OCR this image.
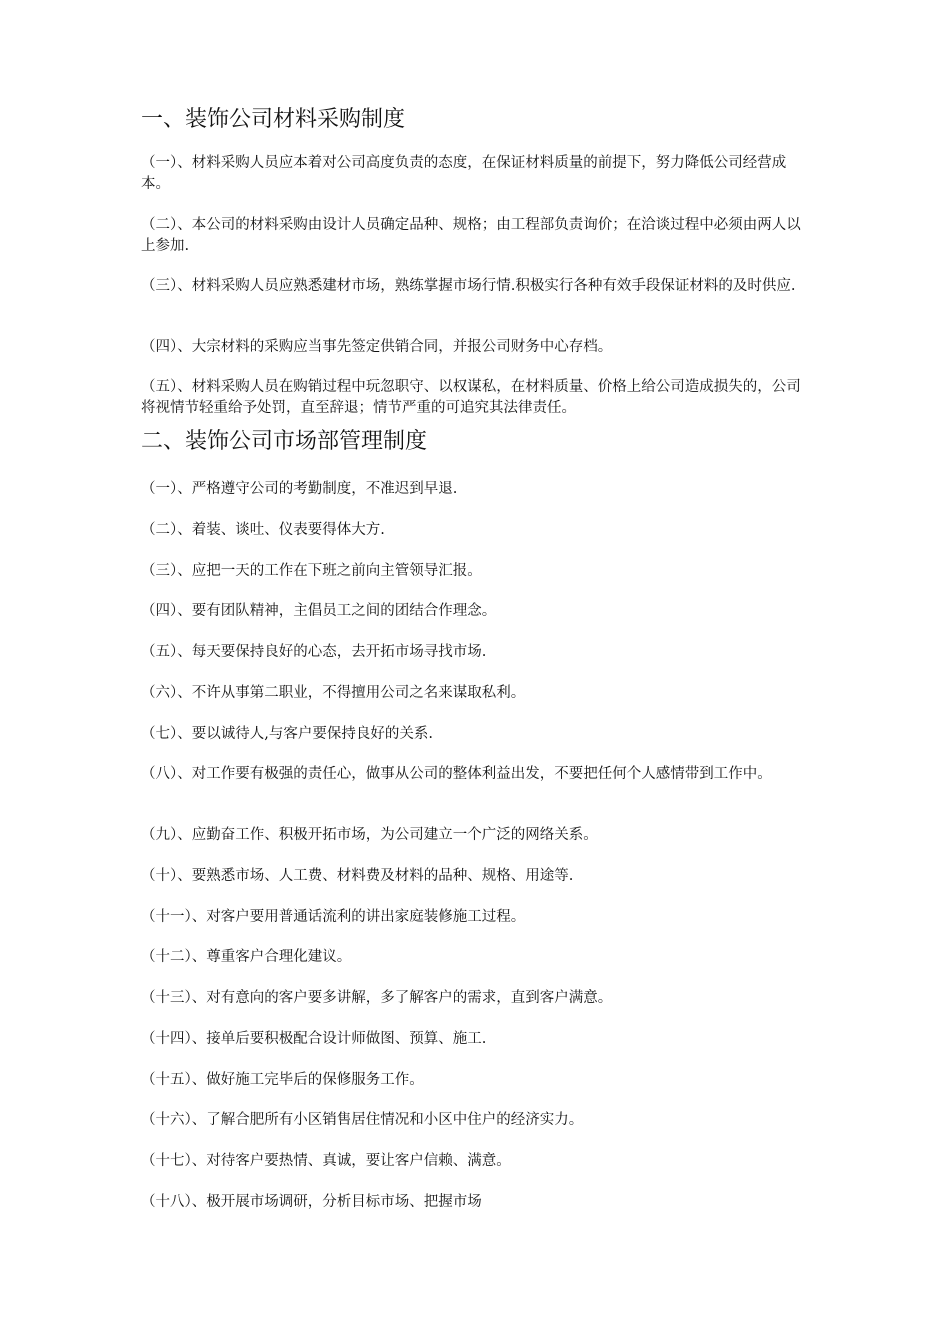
一、装饰公司材料采购制度

（一）、材料采购人员应本着对公司高度负责的态度，在保证材料质量的前提下，努力降低公司经营成本。

（二）、本公司的材料采购由设计人员确定品种、规格；由工程部负责询价；在洽谈过程中必须由两人以上参加.

（三）、材料采购人员应熟悉建材市场，熟练掌握市场行情.积极实行各种有效手段保证材料的及时供应.

（四）、大宗材料的采购应当事先签定供销合同，并报公司财务中心存档。

（五）、材料采购人员在购销过程中玩忽职守、以权谋私，在材料质量、价格上给公司造成损失的，公司将视情节轻重给予处罚，直至辞退；情节严重的可追究其法律责任。

二、装饰公司市场部管理制度

（一）、严格遵守公司的考勤制度，不准迟到早退.

（二）、着装、谈吐、仪表要得体大方.

（三）、应把一天的工作在下班之前向主管领导汇报。

（四）、要有团队精神，主倡员工之间的团结合作理念。

（五）、每天要保持良好的心态，去开拓市场寻找市场.

（六）、不许从事第二职业，不得擅用公司之名来谋取私利。

（七）、要以诚待人,与客户要保持良好的关系.

（八）、对工作要有极强的责任心，做事从公司的整体利益出发，不要把任何个人感情带到工作中。

（九）、应勤奋工作、积极开拓市场，为公司建立一个广泛的网络关系。

（十）、要熟悉市场、人工费、材料费及材料的品种、规格、用途等.

（十一）、对客户要用普通话流利的讲出家庭装修施工过程。

（十二）、尊重客户合理化建议。

（十三）、对有意向的客户要多讲解，多了解客户的需求，直到客户满意。

（十四）、接单后要积极配合设计师做图、预算、施工.

（十五）、做好施工完毕后的保修服务工作。

（十六）、了解合肥所有小区销售居住情况和小区中住户的经济实力。

（十七）、对待客户要热情、真诚，要让客户信赖、满意。

（十八）、极开展市场调研，分析目标市场、把握市场
